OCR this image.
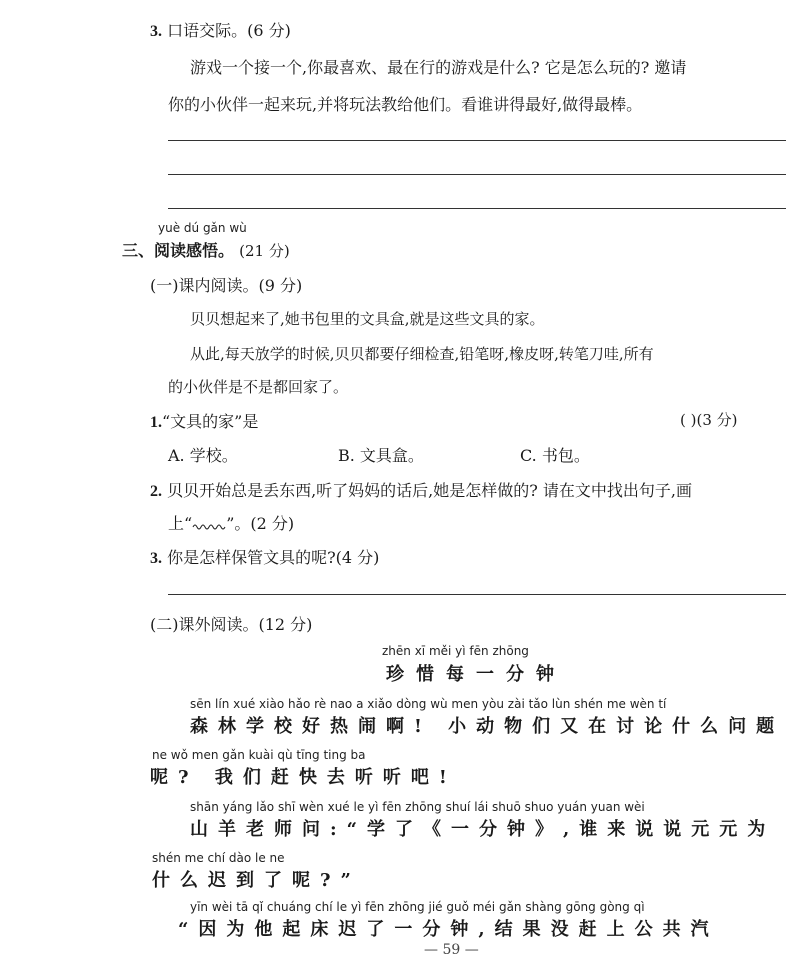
3. 口语交际。(6 分)
游戏一个接一个,你最喜欢、最在行的游戏是什么? 它是怎么玩的? 邀请
你的小伙伴一起来玩,并将玩法教给他们。看谁讲得最好,做得最棒。
yuè dú gǎn wù
三、阅读感悟。 (21 分)
(一)课内阅读。(9 分)
贝贝想起来了,她书包里的文具盒,就是这些文具的家。
从此,每天放学的时候,贝贝都要仔细检查,铅笔呀,橡皮呀,转笔刀哇,所有
的小伙伴是不是都回家了。
1.“文具的家”是	( )(3 分)
A. 学校。	B. 文具盒。	C. 书包。
2. 贝贝开始总是丢东西,听了妈妈的话后,她是怎样做的? 请在文中找出句子,画
上“ ”。(2 分)
3. 你是怎样保管文具的呢?(4 分)
(二)课外阅读。(12 分)
zhēn xī měi yì fēn zhōng
珍惜每一分钟
sēn lín xué xiào hǎo rè nao a xiǎo dòng wù men yòu zài tǎo lùn shén me wèn tí
森林学校好热闹啊! 小动物们又在讨论什么问题
ne wǒ men gǎn kuài qù tīng ting ba
呢? 我们赶快去听听吧!
shān yáng lǎo shī wèn xué le yì fēn zhōng shuí lái shuō shuo yuán yuan wèi
山羊老师问:“学了《一分钟》,谁来说说元元为
shén me chí dào le ne
什么迟到了呢?”
yīn wèi tā qǐ chuáng chí le yì fēn zhōng jié guǒ méi gǎn shàng gōng gòng qì
“因为他起床迟了一分钟,结果没赶上公共汽
— 59 —
